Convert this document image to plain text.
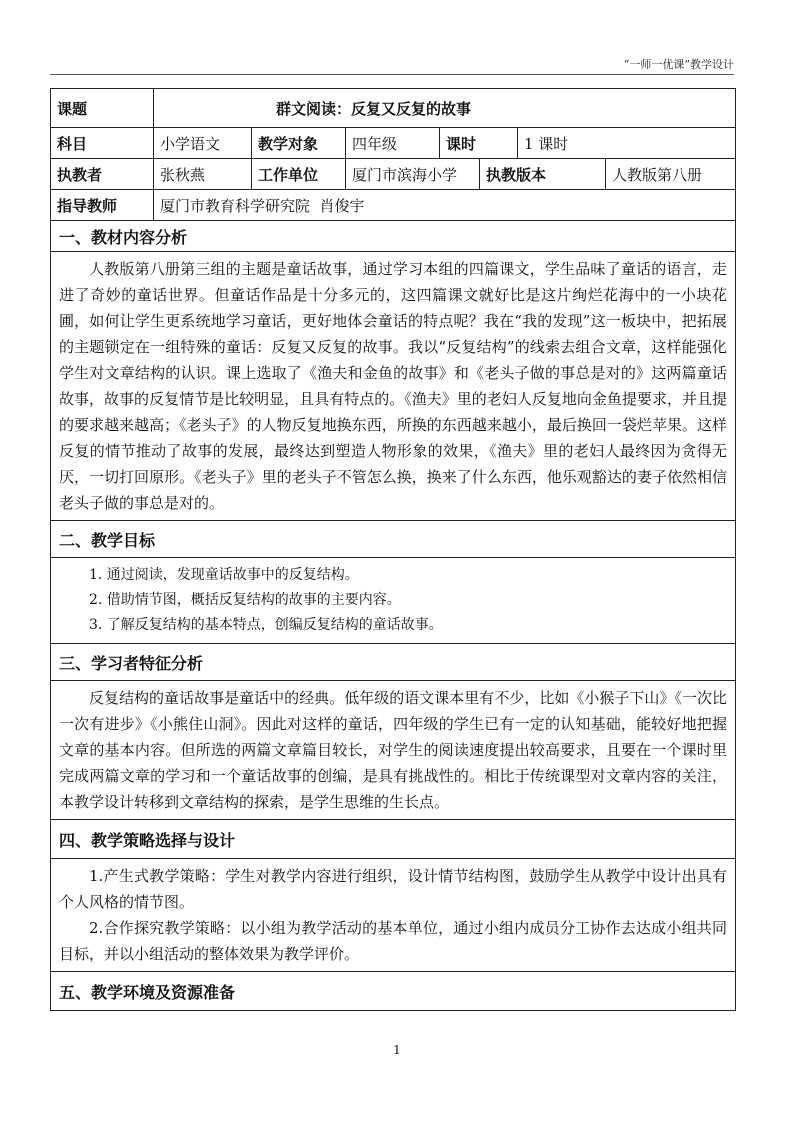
“一师一优课”教学设计
课题	群文阅读：反复又反复的故事
科目	小学语文	教学对象	四年级	课时	1 课时
执教者	张秋燕	工作单位	厦门市滨海小学	执教版本	人教版第八册
指导教师	厦门市教育科学研究院  肖俊宇
一、教材内容分析
人教版第八册第三组的主题是童话故事，通过学习本组的四篇课文，学生品味了童话的语言，走进了奇妙的童话世界。但童话作品是十分多元的，这四篇课文就好比是这片绚烂花海中的一小块花圃，如何让学生更系统地学习童话，更好地体会童话的特点呢？我在“我的发现”这一板块中，把拓展的主题锁定在一组特殊的童话：反复又反复的故事。我以“反复结构”的线索去组合文章，这样能强化学生对文章结构的认识。课上选取了《渔夫和金鱼的故事》和《老头子做的事总是对的》这两篇童话故事，故事的反复情节是比较明显，且具有特点的。《渔夫》里的老妇人反复地向金鱼提要求，并且提的要求越来越高；《老头子》的人物反复地换东西，所换的东西越来越小，最后换回一袋烂苹果。这样反复的情节推动了故事的发展，最终达到塑造人物形象的效果，《渔夫》里的老妇人最终因为贪得无厌，一切打回原形。《老头子》里的老头子不管怎么换，换来了什么东西，他乐观豁达的妻子依然相信老头子做的事总是对的。
二、教学目标
1. 通过阅读，发现童话故事中的反复结构。
2. 借助情节图，概括反复结构的故事的主要内容。
3. 了解反复结构的基本特点，创编反复结构的童话故事。
三、学习者特征分析
反复结构的童话故事是童话中的经典。低年级的语文课本里有不少，比如《小猴子下山》《一次比一次有进步》《小熊住山洞》。因此对这样的童话，四年级的学生已有一定的认知基础，能较好地把握文章的基本内容。但所选的两篇文章篇目较长，对学生的阅读速度提出较高要求，且要在一个课时里完成两篇文章的学习和一个童话故事的创编，是具有挑战性的。相比于传统课型对文章内容的关注，本教学设计转移到文章结构的探索，是学生思维的生长点。
四、教学策略选择与设计
1.产生式教学策略：学生对教学内容进行组织，设计情节结构图，鼓励学生从教学中设计出具有个人风格的情节图。
2.合作探究教学策略：以小组为教学活动的基本单位，通过小组内成员分工协作去达成小组共同目标，并以小组活动的整体效果为教学评价。
五、教学环境及资源准备
1
